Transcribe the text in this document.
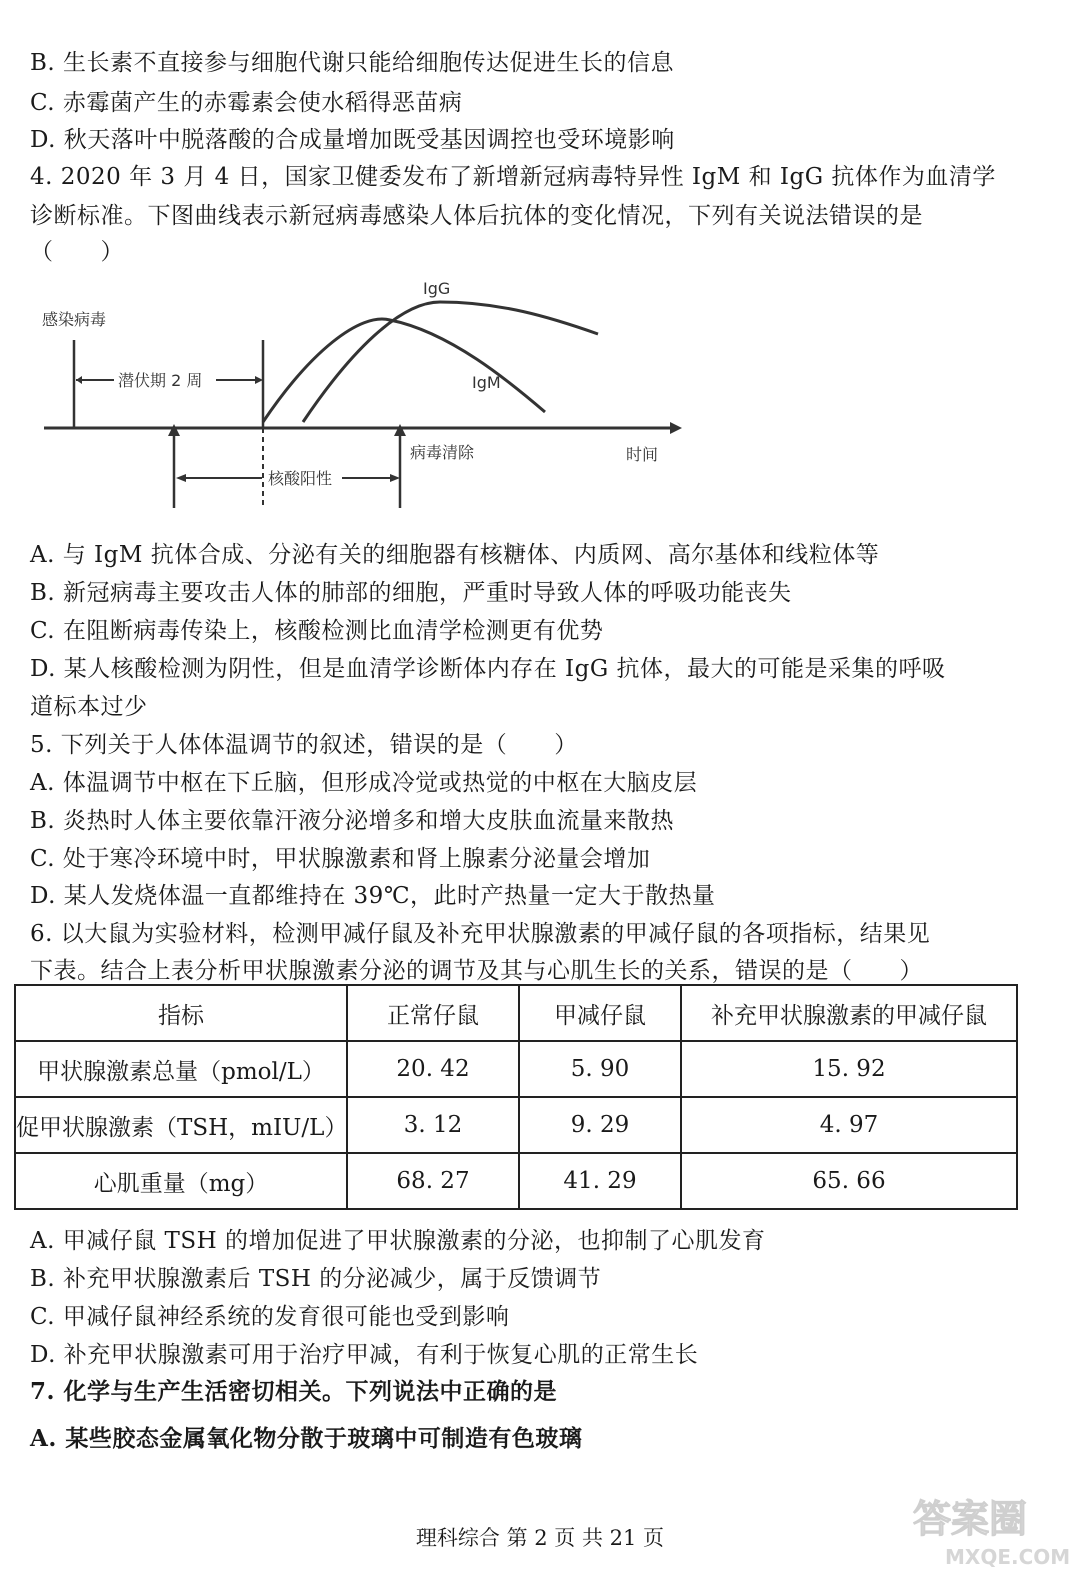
B. 生长素不直接参与细胞代谢只能给细胞传达促进生长的信息
C. 赤霉菌产生的赤霉素会使水稻得恶苗病
D. 秋天落叶中脱落酸的合成量增加既受基因调控也受环境影响
4. 2020 年 3 月 4 日，国家卫健委发布了新增新冠病毒特异性 IgM 和 IgG 抗体作为血清学
诊断标准。下图曲线表示新冠病毒感染人体后抗体的变化情况，下列有关说法错误的是
（　　）
潜伏期 2 周
感染病毒
IgG
IgM
病毒清除	时间
核酸阳性
A. 与 IgM 抗体合成、分泌有关的细胞器有核糖体、内质网、高尔基体和线粒体等
B. 新冠病毒主要攻击人体的肺部的细胞，严重时导致人体的呼吸功能丧失
C. 在阻断病毒传染上，核酸检测比血清学检测更有优势
D. 某人核酸检测为阴性，但是血清学诊断体内存在 IgG 抗体，最大的可能是采集的呼吸
道标本过少
5. 下列关于人体体温调节的叙述，错误的是（　　）
A. 体温调节中枢在下丘脑，但形成冷觉或热觉的中枢在大脑皮层
B. 炎热时人体主要依靠汗液分泌增多和增大皮肤血流量来散热
C. 处于寒冷环境中时，甲状腺激素和肾上腺素分泌量会增加
D. 某人发烧体温一直都维持在 39℃，此时产热量一定大于散热量
6. 以大鼠为实验材料，检测甲减仔鼠及补充甲状腺激素的甲减仔鼠的各项指标，结果见
下表。结合上表分析甲状腺激素分泌的调节及其与心肌生长的关系，错误的是（　　）
指标	正常仔鼠	甲减仔鼠	补充甲状腺激素的甲减仔鼠
甲状腺激素总量（pmol/L）	20. 42	5. 90	15. 92
促甲状腺激素（TSH，mIU/L）	3. 12	9. 29	4. 97
心肌重量（mg）	68. 27	41. 29	65. 66
A. 甲减仔鼠 TSH 的增加促进了甲状腺激素的分泌，也抑制了心肌发育
B. 补充甲状腺激素后 TSH 的分泌减少，属于反馈调节
C. 甲减仔鼠神经系统的发育很可能也受到影响
D. 补充甲状腺激素可用于治疗甲减，有利于恢复心肌的正常生长
7. 化学与生产生活密切相关。下列说法中正确的是
A. 某些胶态金属氧化物分散于玻璃中可制造有色玻璃
理科综合 第 2 页 共 21 页	答案圈
MXQE.COM
